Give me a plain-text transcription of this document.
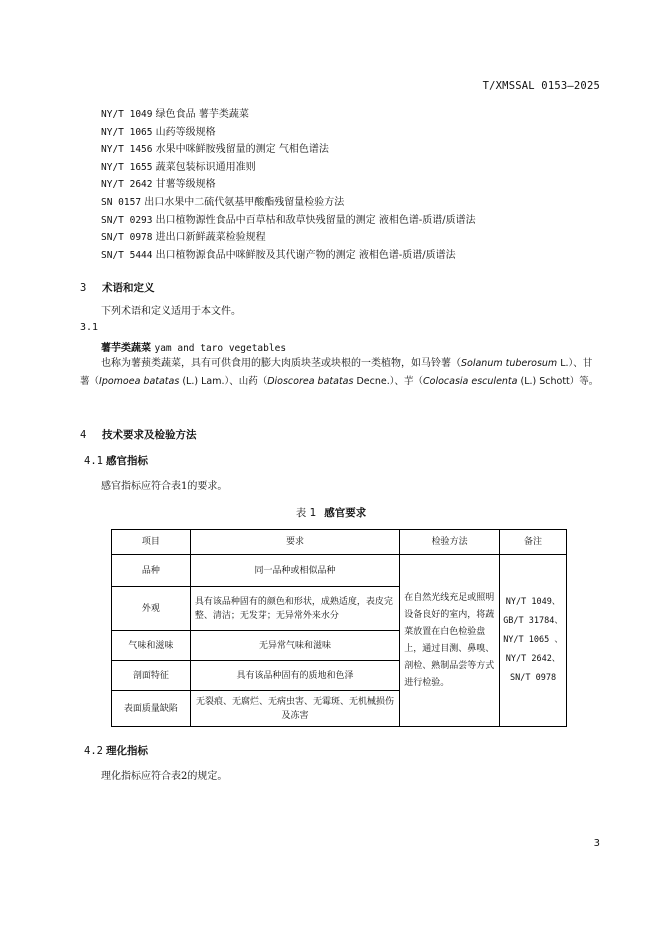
T/XMSSAL 0153—2025
NY/T 1049 绿色食品 薯芋类蔬菜
NY/T 1065 山药等级规格
NY/T 1456 水果中咪鲜胺残留量的测定 气相色谱法
NY/T 1655 蔬菜包装标识通用准则
NY/T 2642 甘薯等级规格
SN 0157 出口水果中二硫代氨基甲酸酯残留量检验方法
SN/T 0293 出口植物源性食品中百草枯和敌草快残留量的测定 液相色谱-质谱/质谱法
SN/T 0978 进出口新鲜蔬菜检验规程
SN/T 5444 出口植物源食品中咪鲜胺及其代谢产物的测定 液相色谱-质谱/质谱法
3 术语和定义
下列术语和定义适用于本文件。
3.1
薯芋类蔬菜 yam and taro vegetables
也称为薯蓣类蔬菜，具有可供食用的膨大肉质块茎或块根的一类植物，如马铃薯（Solanum tuberosum L.）、甘薯（Ipomoea batatas (L.) Lam.）、山药（Dioscorea batatas Decne.）、芋（Colocasia esculenta (L.) Schott）等。
4 技术要求及检验方法
4.1 感官指标
感官指标应符合表1的要求。
表 1 感官要求
项目	要求	检验方法	备注
品种	同一品种或相似品种	在自然光线充足或照明设备良好的室内，将蔬菜放置在白色检验盘上，通过目测、鼻嗅、剖检、熟制品尝等方式进行检验。	NY/T 1049、GB/T 31784、NY/T 1065 、NY/T 2642、SN/T 0978
外观	具有该品种固有的颜色和形状，成熟适度，表皮完整、清洁；无发芽；无异常外来水分		
气味和滋味	无异常气味和滋味		
剖面特征	具有该品种固有的质地和色泽		
表面质量缺陷	无裂痕、无腐烂、无病虫害、无霉斑、无机械损伤及冻害		
4.2 理化指标
理化指标应符合表2的规定。
3
